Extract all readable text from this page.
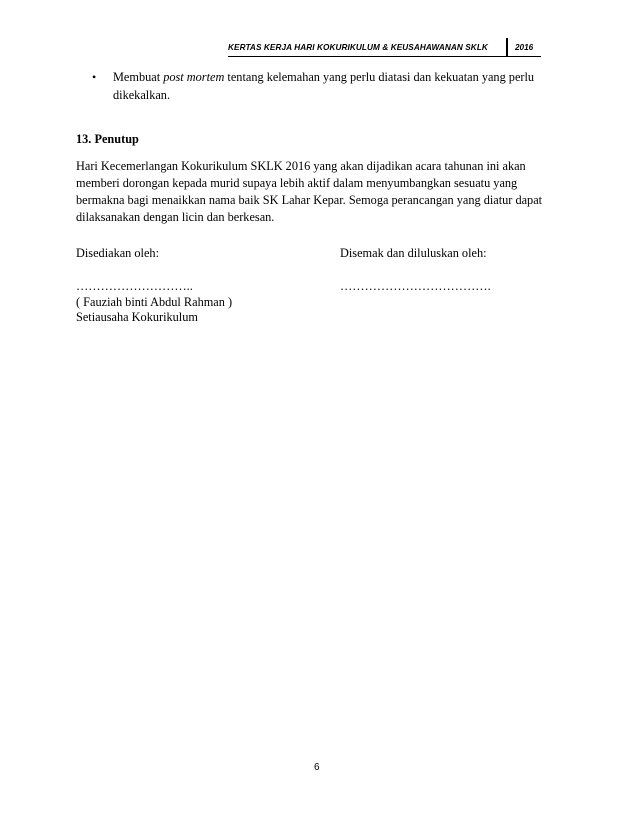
KERTAS KERJA HARI KOKURIKULUM & KEUSAHAWANAN SKLK	2016
• Membuat post mortem tentang kelemahan yang perlu diatasi dan kekuatan yang perlu
dikekalkan.
13. Penutup
Hari Kecemerlangan Kokurikulum SKLK 2016 yang akan dijadikan acara tahunan ini akan
memberi dorongan kepada murid supaya lebih aktif dalam menyumbangkan sesuatu yang
bermakna bagi menaikkan nama baik SK Lahar Kepar. Semoga perancangan yang diatur dapat
dilaksanakan dengan licin dan berkesan.
Disediakan oleh:
………………………..
( Fauziah binti Abdul Rahman )
Setiausaha Kokurikulum
Disemak dan diluluskan oleh:
……………………………….
6
